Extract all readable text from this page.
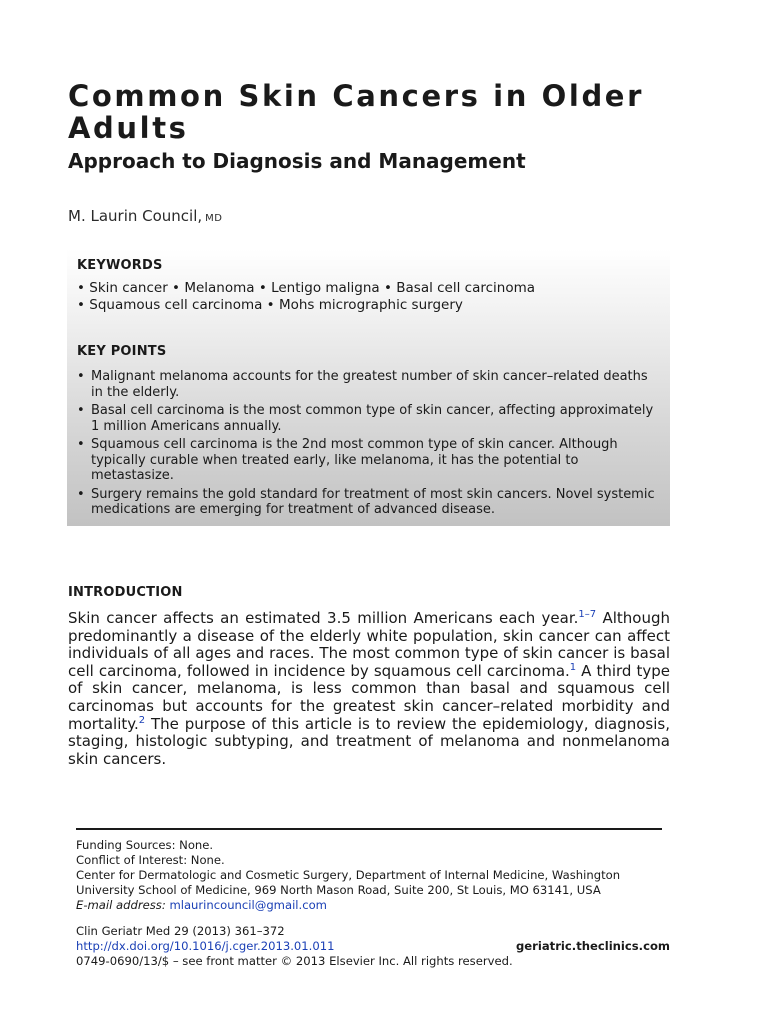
Common Skin Cancers in Older Adults
Approach to Diagnosis and Management
M. Laurin Council, MD
KEYWORDS
• Skin cancer • Melanoma • Lentigo maligna • Basal cell carcinoma
• Squamous cell carcinoma • Mohs micrographic surgery
KEY POINTS
• Malignant melanoma accounts for the greatest number of skin cancer–related deaths in the elderly.
• Basal cell carcinoma is the most common type of skin cancer, affecting approximately 1 million Americans annually.
• Squamous cell carcinoma is the 2nd most common type of skin cancer. Although typically curable when treated early, like melanoma, it has the potential to metastasize.
• Surgery remains the gold standard for treatment of most skin cancers. Novel systemic medications are emerging for treatment of advanced disease.
INTRODUCTION

Skin cancer affects an estimated 3.5 million Americans each year.$^{1-7}$ Although predominantly a disease of the elderly white population, skin cancer can affect individuals of all ages and races. The most common type of skin cancer is basal cell carcinoma, followed in incidence by squamous cell carcinoma.$^1$ A third type of skin cancer, melanoma, is less common than basal and squamous cell carcinomas but accounts for the greatest skin cancer–related morbidity and mortality.$^2$ The purpose of this article is to review the epidemiology, diagnosis, staging, histologic subtyping, and treatment of melanoma and nonmelanoma skin cancers.

Funding Sources: None.
Conflict of Interest: None.
Center for Dermatologic and Cosmetic Surgery, Department of Internal Medicine, Washington
University School of Medicine, 969 North Mason Road, Suite 200, St Louis, MO 63141, USA
E-mail address: mlaurincouncil@gmail.com
Clin Geriatr Med 29 (2013) 361–372
http://dx.doi.org/10.1016/j.cger.2013.01.011	geriatric.theclinics.com
0749-0690/13/$ – see front matter © 2013 Elsevier Inc. All rights reserved.
